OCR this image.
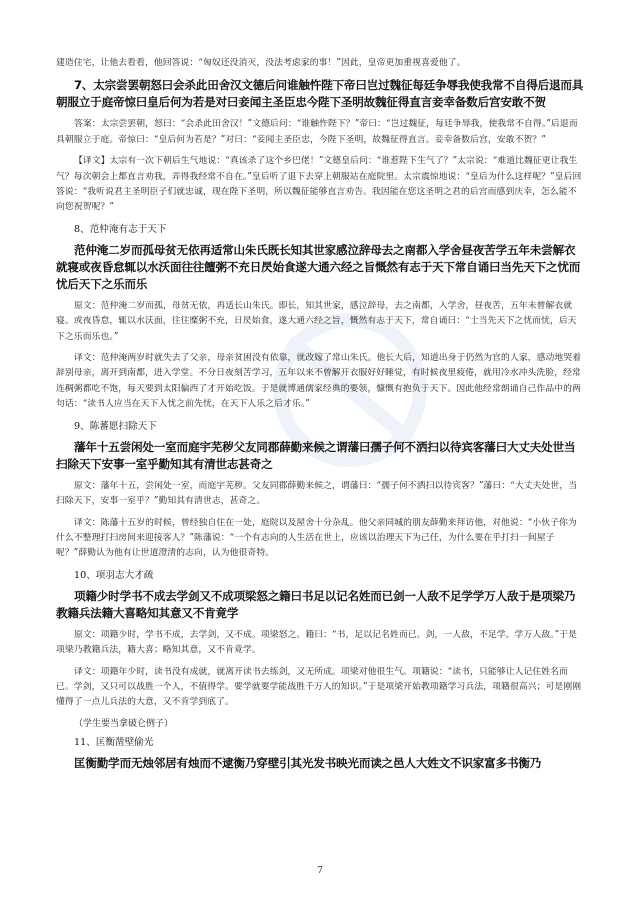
建造住宅，让他去看看，他回答说：“匈奴还没消灭，没法考虑家的事！”因此，皇帝更加重视喜爱他了。

7、太宗尝罢朝怒曰会杀此田舍汉文德后问谁触忤陛下帝曰岂过魏征每廷争辱我使我常不自得后退而具朝服立于庭帝惊曰皇后何为若是对曰妾闻主圣臣忠今陛下圣明故魏征得直言妾幸备数后宫安敢不贺

答案：太宗尝罢朝，怒曰：“会杀此田舍汉！”文德后问：“谁触忤陛下？”帝曰：“岂过魏征，每廷争辱我，使我常不自得。”后退而具朝服立于庭。帝惊曰：“皇后何为若是？”对曰：“妾闻主圣臣忠，今陛下圣明，故魏征得直言。妾幸备数后宫，安敢不贺？”

【译文】太宗有一次下朝后生气地说：“真该杀了这个乡巴佬！”文德皇后问：“谁惹陛下生气了？”太宗说：“难道比魏征更让我生气？每次朝会上都直言劝我，弄得我经常不自在。”皇后听了退下去穿上朝服站在庭院里。太宗震惊地说：“皇后为什么这样呢？”皇后回答说：“我听说君主圣明臣子们就忠诚，现在陛下圣明，所以魏征能够直言劝告。我因能在您这圣明之君的后宫而感到庆幸，怎么能不向您祝贺呢？”

8、范仲淹有志于天下

范仲淹二岁而孤母贫无依再适常山朱氏既长知其世家感泣辞母去之南都入学舍昼夜苦学五年未尝解衣就寝或夜昏怠辄以水沃面往往饘粥不充日昃始食遂大通六经之旨慨然有志于天下常自诵曰当先天下之忧而忧后天下之乐而乐

原文：范仲淹二岁而孤，母贫无依，再适长山朱氏。即长，知其世家，感泣辞母，去之南都，入学舍，昼夜苦，五年未曾解衣就寝。或夜昏怠，辄以水沃面，往往糜粥不充，日昃始食，遂大通六经之旨，慨然有志于天下，常自诵曰：“士当先天下之忧而忧，后天下之乐而乐也。”

译文：范仲淹两岁时就失去了父亲，母亲贫困没有依靠，就改嫁了常山朱氏。他长大后，知道出身于仍然为官的人家，感动地哭着辞别母亲，离开到南都，进入学堂。不分日夜刻苦学习，五年以来不曾解开衣服好好睡觉，有时候夜里疲倦，就用冷水冲头洗脸，经常连稠粥都吃不饱，每天要到太阳偏西了才开始吃饭。于是就博通儒家经典的要领，慷慨有抱负于天下。因此他经常朗诵自己作品中的两句话：“读书人应当在天下人忧之前先忧，在天下人乐之后才乐。”

9、陈蕃愿扫除天下

藩年十五尝闲处一室而庭宇芜秽父友同郡薛勤来候之谓藩曰孺子何不洒扫以待宾客藩曰大丈夫处世当扫除天下安事一室乎勤知其有清世志甚奇之

原文：藩年十五，尝闲处一室，而庭宇芜秽。父友同郡薛勤来候之，谓藩曰：“孺子何不洒扫以待宾客？”藩曰：“大丈夫处世，当扫除天下，安事一室乎？”勤知其有清世志，甚奇之。

译文：陈藩十五岁的时候，曾经独自住在一处，庭院以及屋舍十分杂乱。他父亲同城的朋友薛勤来拜访他，对他说：“小伙子你为什么不整理打扫房间来迎接客人？”陈藩说：“一个有志向的人生活在世上，应该以治理天下为己任，为什么要在乎打扫一间屋子呢？”薛勤认为他有让世道澄清的志向，认为他很奇特。

10、项羽志大才疏

项籍少时学书不成去学剑又不成项梁怒之籍曰书足以记名姓而已剑一人敌不足学学万人敌于是项梁乃教籍兵法籍大喜略知其意又不肯竟学

原文：项籍少时，学书不成，去学剑，又不成。项梁怒之。籍曰：“书，足以记名姓而已。剑，一人敌，不足学。学万人敌。”于是项梁乃教籍兵法，籍大喜；略知其意，又不肯竟学。

译文：项籍年少时，读书没有成就，就离开读书去练剑，又无所成。项梁对他很生气。项籍说：“读书，只能够让人记住姓名而已。学剑，又只可以战胜一个人，不值得学。要学就要学能战胜千万人的知识。”于是项梁开始教项籍学习兵法，项籍很高兴；可是刚刚懂得了一点儿兵法的大意，又不肯学到底了。

（学生要当拿破仑例子）
11、匡衡凿壁偷光

匡衡勤学而无烛邻居有烛而不逮衡乃穿壁引其光发书映光而读之邑人大姓文不识家富多书衡乃

7
